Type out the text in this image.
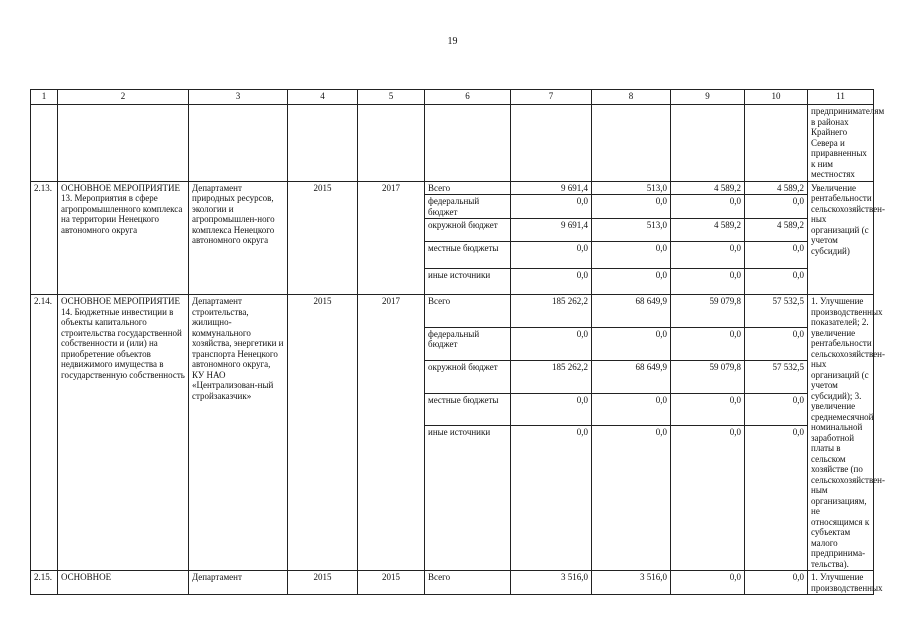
19
1	2	3	4	5	6	7	8	9	10	11
										предпринимателям в районах Крайнего Севера и приравненных к ним местностях
2.13.	ОСНОВНОЕ МЕРОПРИЯТИЕ 13. Мероприятия в сфере агропромышленного комплекса на территории Ненецкого автономного округа	Департамент природных ресурсов, экологии и агропромышлен-ного комплекса Ненецкого автономного округа	2015	2017	Всего	9 691,4	513,0	4 589,2	4 589,2	Увеличение рентабельности сельскохозяйствен-ных организаций (с учетом субсидий)
					федеральный бюджет	0,0	0,0	0,0	0,0	
					окружной бюджет	9 691,4	513,0	4 589,2	4 589,2	
					местные бюджеты	0,0	0,0	0,0	0,0	
					иные источники	0,0	0,0	0,0	0,0	
2.14.	ОСНОВНОЕ МЕРОПРИЯТИЕ 14. Бюджетные инвестиции в объекты капитального строительства государственной собственности и (или) на приобретение объектов недвижимого имущества в государственную собственность	Департамент строительства, жилищно-коммунального хозяйства, энергетики и транспорта Ненецкого автономного округа, КУ НАО «Централизован-ный стройзаказчик»	2015	2017	Всего	185 262,2	68 649,9	59 079,8	57 532,5	1. Улучшение производственных показателей; 2. увеличение рентабельности сельскохозяйствен-ных организаций (с учетом субсидий); 3. увеличение среднемесячной номинальной заработной платы в сельском хозяйстве (по сельскохозяйствен-ным организациям, не относящимся к субъектам малого предпринима-тельства).
					федеральный бюджет	0,0	0,0	0,0	0,0	
					окружной бюджет	185 262,2	68 649,9	59 079,8	57 532,5	
					местные бюджеты	0,0	0,0	0,0	0,0	
					иные источники	0,0	0,0	0,0	0,0	
2.15.	ОСНОВНОЕ	Департамент	2015	2015	Всего	3 516,0	3 516,0	0,0	0,0	1. Улучшение производственных
